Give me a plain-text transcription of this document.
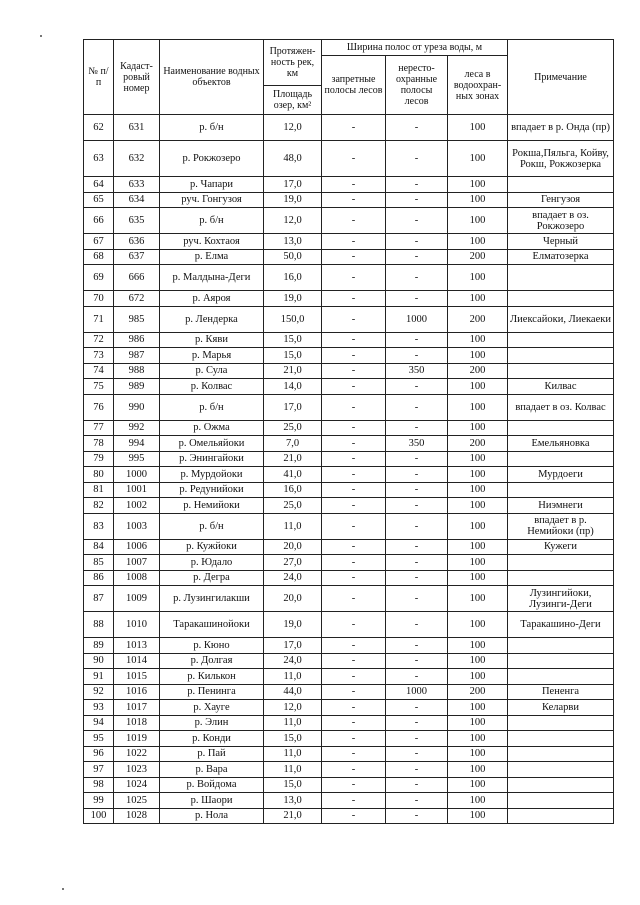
№ п/п	Кадаст-ровый номер	Наименование водных объектов	Протяжен-ность рек, км	Ширина полос от уреза воды, м			Примечание
				запретные полосы лесов	нересто-охранные полосы лесов	леса в водоохран-ных зонах	
			Площадь озер, км²				
62	631	р. б/н	12,0	-	-	100	впадает в р. Онда (пр)
63	632	р. Рокжозеро	48,0	-	-	100	Рокша,Пяльга, Койву, Рокш, Рокжозерка
64	633	р. Чапари	17,0	-	-	100	
65	634	руч. Гонгузоя	19,0	-	-	100	Генгузоя
66	635	р. б/н	12,0	-	-	100	впадает в оз. Рокжозеро
67	636	руч. Кохтаоя	13,0	-	-	100	Черный
68	637	р. Елма	50,0	-	-	200	Елматозерка
69	666	р. Малдына-Деги	16,0	-	-	100	
70	672	р. Аяроя	19,0	-	-	100	
71	985	р. Лендерка	150,0	-	1000	200	Лиексайоки, Лиекаеки
72	986	р. Кяви	15,0	-	-	100	
73	987	р. Марья	15,0	-	-	100	
74	988	р. Сула	21,0	-	350	200	
75	989	р. Колвас	14,0	-	-	100	Килвас
76	990	р. б/н	17,0	-	-	100	впадает в оз. Колвас
77	992	р. Ожма	25,0	-	-	100	
78	994	р. Омельяйоки	7,0	-	350	200	Емельяновка
79	995	р. Энингайоки	21,0	-	-	100	
80	1000	р. Мурдойоки	41,0	-	-	100	Мурдоеги
81	1001	р. Редунийоки	16,0	-	-	100	
82	1002	р. Немийоки	25,0	-	-	100	Ниэмнеги
83	1003	р. б/н	11,0	-	-	100	впадает в р. Немийоки (пр)
84	1006	р. Кужйоки	20,0	-	-	100	Кужеги
85	1007	р. Юдало	27,0	-	-	100	
86	1008	р. Дегра	24,0	-	-	100	
87	1009	р. Лузингилакши	20,0	-	-	100	Лузингийоки, Лузинги-Деги
88	1010	Таракашинойоки	19,0	-	-	100	Таракашино-Деги
89	1013	р. Кюно	17,0	-	-	100	
90	1014	р. Долгая	24,0	-	-	100	
91	1015	р. Килькон	11,0	-	-	100	
92	1016	р. Пенинга	44,0	-	1000	200	Пененга
93	1017	р. Хауге	12,0	-	-	100	Келарви
94	1018	р. Элин	11,0	-	-	100	
95	1019	р. Конди	15,0	-	-	100	
96	1022	р. Пай	11,0	-	-	100	
97	1023	р. Вара	11,0	-	-	100	
98	1024	р. Войдома	15,0	-	-	100	
99	1025	р. Шаори	13,0	-	-	100	
100	1028	р. Нола	21,0	-	-	100	
